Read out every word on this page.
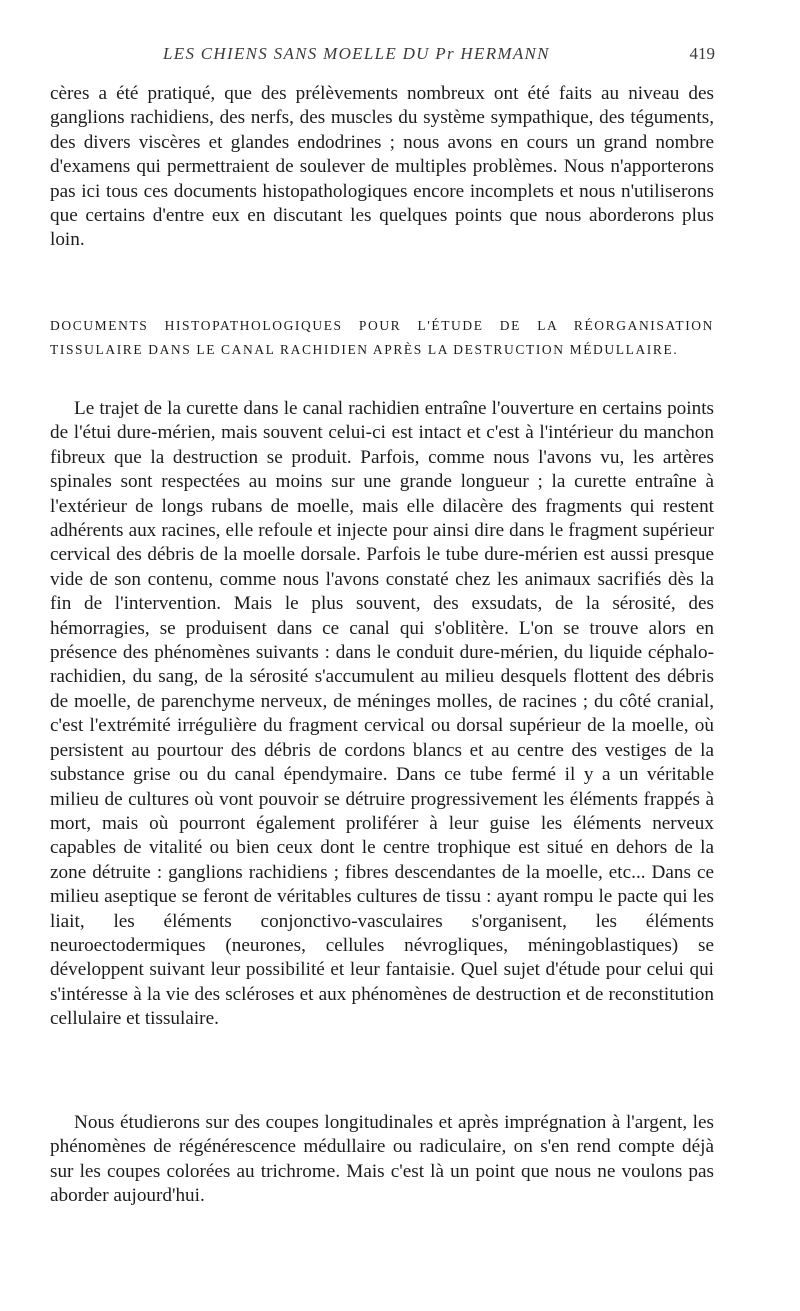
LES CHIENS SANS MOELLE DU Pr HERMANN	419

cères a été pratiqué, que des prélèvements nombreux ont été faits au niveau des ganglions rachidiens, des nerfs, des muscles du système sympathique, des téguments, des divers viscères et glandes endodrines ; nous avons en cours un grand nombre d'examens qui permettraient de soulever de multiples problèmes. Nous n'apporterons pas ici tous ces documents histopathologiques encore incomplets et nous n'utiliserons que certains d'entre eux en discutant les quelques points que nous aborderons plus loin.

DOCUMENTS HISTOPATHOLOGIQUES POUR L'ÉTUDE DE LA RÉORGANISATION TISSULAIRE DANS LE CANAL RACHIDIEN APRÈS LA DESTRUCTION MÉDULLAIRE.

Le trajet de la curette dans le canal rachidien entraîne l'ouverture en certains points de l'étui dure-mérien, mais souvent celui-ci est intact et c'est à l'intérieur du manchon fibreux que la destruction se produit. Parfois, comme nous l'avons vu, les artères spinales sont respectées au moins sur une grande longueur ; la curette entraîne à l'extérieur de longs rubans de moelle, mais elle dilacère des fragments qui restent adhérents aux racines, elle refoule et injecte pour ainsi dire dans le fragment supérieur cervical des débris de la moelle dorsale. Parfois le tube dure-mérien est aussi presque vide de son contenu, comme nous l'avons constaté chez les animaux sacrifiés dès la fin de l'intervention. Mais le plus souvent, des exsudats, de la sérosité, des hémorragies, se produisent dans ce canal qui s'oblitère. L'on se trouve alors en présence des phénomènes suivants : dans le conduit dure-mérien, du liquide céphalo-rachidien, du sang, de la sérosité s'accumulent au milieu desquels flottent des débris de moelle, de parenchyme nerveux, de méninges molles, de racines ; du côté cranial, c'est l'extrémité irrégulière du fragment cervical ou dorsal supérieur de la moelle, où persistent au pourtour des débris de cordons blancs et au centre des vestiges de la substance grise ou du canal épendymaire. Dans ce tube fermé il y a un véritable milieu de cultures où vont pouvoir se détruire progressivement les éléments frappés à mort, mais où pourront également proliférer à leur guise les éléments nerveux capables de vitalité ou bien ceux dont le centre trophique est situé en dehors de la zone détruite : ganglions rachidiens ; fibres descendantes de la moelle, etc... Dans ce milieu aseptique se feront de véritables cultures de tissu : ayant rompu le pacte qui les liait, les éléments conjonctivo-vasculaires s'organisent, les éléments neuroectodermiques (neurones, cellules névrogliques, méningoblastiques) se développent suivant leur possibilité et leur fantaisie. Quel sujet d'étude pour celui qui s'intéresse à la vie des scléroses et aux phénomènes de destruction et de reconstitution cellulaire et tissulaire.

Nous étudierons sur des coupes longitudinales et après imprégnation à l'argent, les phénomènes de régénérescence médullaire ou radiculaire, on s'en rend compte déjà sur les coupes colorées au trichrome. Mais c'est là un point que nous ne voulons pas aborder aujourd'hui.
